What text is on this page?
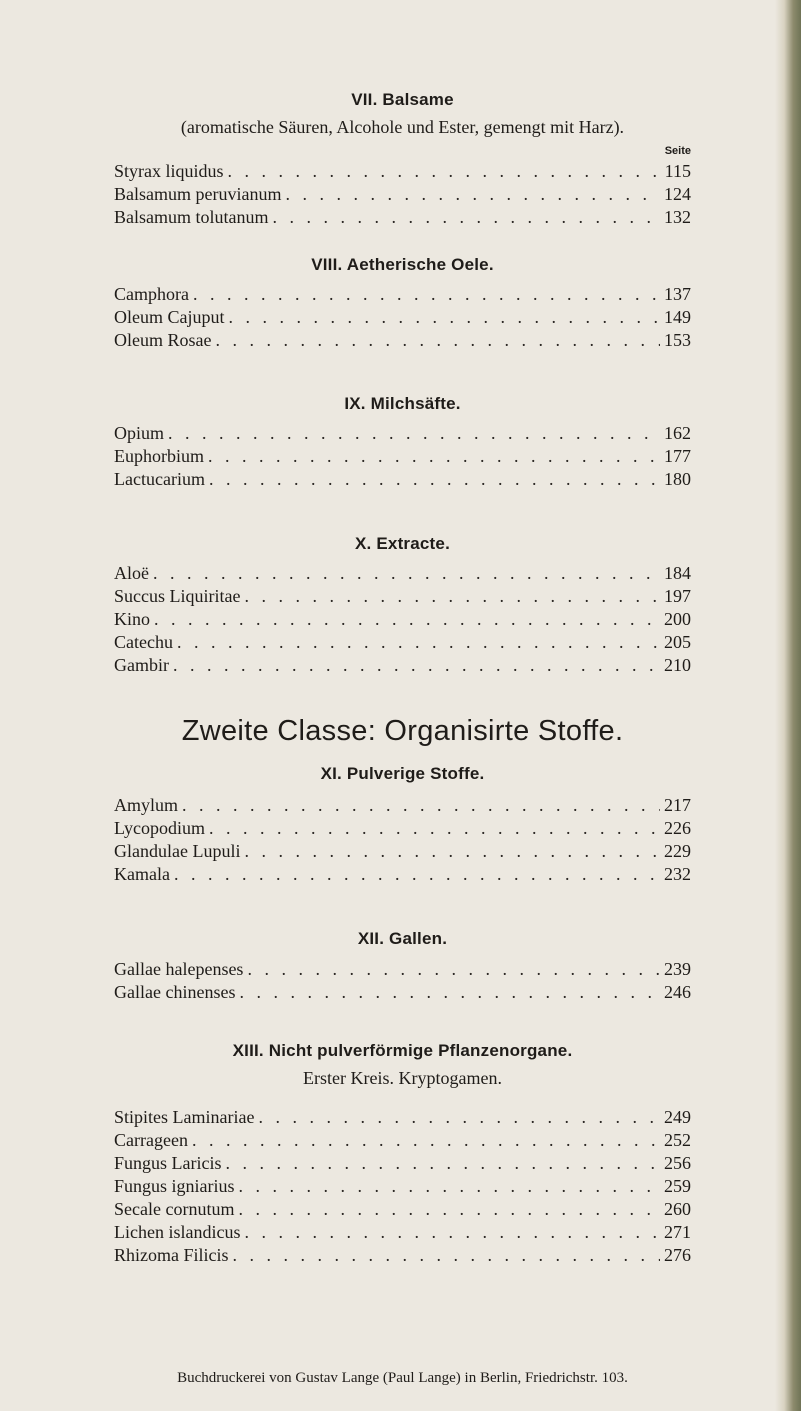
VII. Balsame
(aromatische Säuren, Alcohole und Ester, gemengt mit Harz).
Seite
Styrax liquidus . . .	115
Balsamum peruvianum . . .	124
Balsamum tolutanum . . .	132
VIII. Aetherische Oele.
Camphora . . .	137
Oleum Cajuput . . .	149
Oleum Rosae . . .	153
IX. Milchsäfte.
Opium . . .	162
Euphorbium . . .	177
Lactucarium . . .	180
X. Extracte.
Aloë . . .	184
Succus Liquiritae . . .	197
Kino . . .	200
Catechu . . .	205
Gambir . . .	210
Zweite Classe: Organisirte Stoffe.
XI. Pulverige Stoffe.
Amylum . . .	217
Lycopodium . . .	226
Glandulae Lupuli . . .	229
Kamala . . .	232
XII. Gallen.
Gallae halepenses . . .	239
Gallae chinenses . . .	246
XIII. Nicht pulverförmige Pflanzenorgane.
Erster Kreis. Kryptogamen.
Stipites Laminariae . . .	249
Carrageen . . .	252
Fungus Laricis . . .	256
Fungus igniarius . . .	259
Secale cornutum . . .	260
Lichen islandicus . . .	271
Rhizoma Filicis . . .	276
Buchdruckerei von Gustav Lange (Paul Lange) in Berlin, Friedrichstr. 103.
